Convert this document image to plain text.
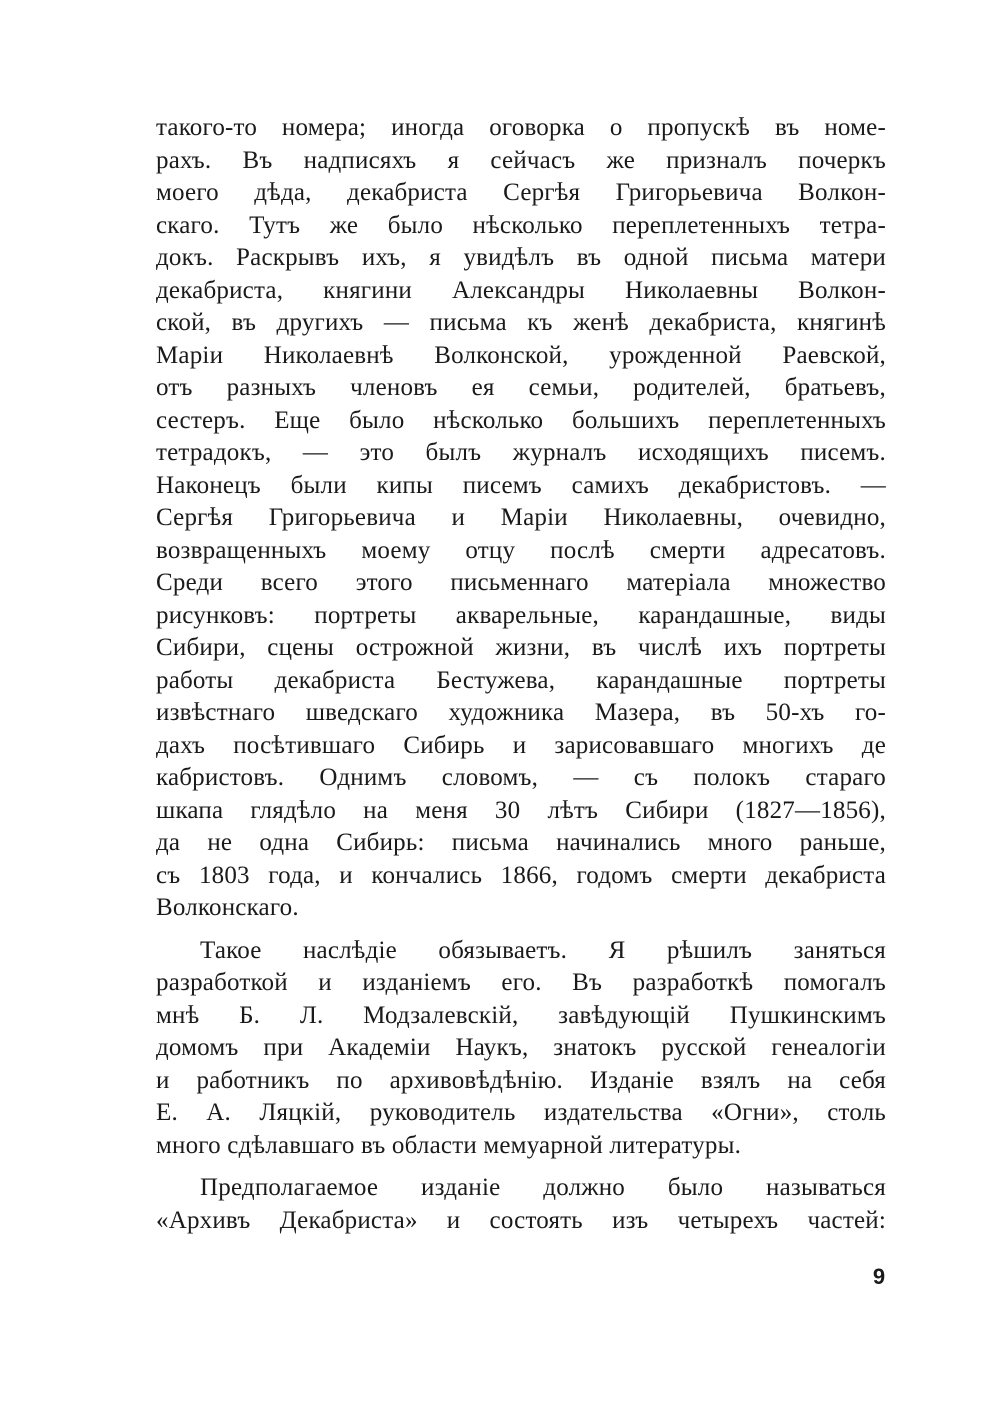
такого-то номера; иногда оговорка о пропускѣ въ номе-
рахъ. Въ надписяхъ я сейчасъ же призналъ почеркъ
моего дѣда, декабриста Сергѣя Григорьевича Волкон-
скаго. Тутъ же было нѣсколько переплетенныхъ тетра-
докъ. Раскрывъ ихъ, я увидѣлъ въ одной письма матери
декабриста, княгини Александры Николаевны Волкон-
ской, въ другихъ — письма къ женѣ декабриста, княгинѣ
Маріи Николаевнѣ Волконской, урожденной Раевской,
отъ разныхъ членовъ ея семьи, родителей, братьевъ,
сестеръ. Еще было нѣсколько большихъ переплетенныхъ
тетрадокъ, — это былъ журналъ исходящихъ писемъ.
Наконецъ были кипы писемъ самихъ декабристовъ. —
Сергѣя Григорьевича и Маріи Николаевны, очевидно,
возвращенныхъ моему отцу послѣ смерти адресатовъ.
Среди всего этого письменнаго матеріала множество
рисунковъ: портреты акварельные, карандашные, виды
Сибири, сцены острожной жизни, въ числѣ ихъ портреты
работы декабриста Бестужева, карандашные портреты
извѣстнаго шведскаго художника Мазера, въ 50-хъ го-
дахъ посѣтившаго Сибирь и зарисовавшаго многихъ де
кабристовъ. Однимъ словомъ, — съ полокъ стараго
шкапа глядѣло на меня 30 лѣтъ Сибири (1827—1856),
да не одна Сибирь: письма начинались много раньше,
съ 1803 года, и кончались 1866, годомъ смерти декабриста
Волконскаго.
Такое наслѣдіе обязываетъ. Я рѣшилъ заняться
разработкой и изданіемъ его. Въ разработкѣ помогалъ
мнѣ Б. Л. Модзалевскій, завѣдующій Пушкинскимъ
домомъ при Академіи Наукъ, знатокъ русской генеалогіи
и работникъ по архивовѣдѣнію. Изданіе взялъ на себя
Е. А. Ляцкій, руководитель издательства «Огни», столь
много сдѣлавшаго въ области мемуарной литературы.
Предполагаемое изданіе должно было называться
«Архивъ Декабриста» и состоять изъ четырехъ частей:
9
